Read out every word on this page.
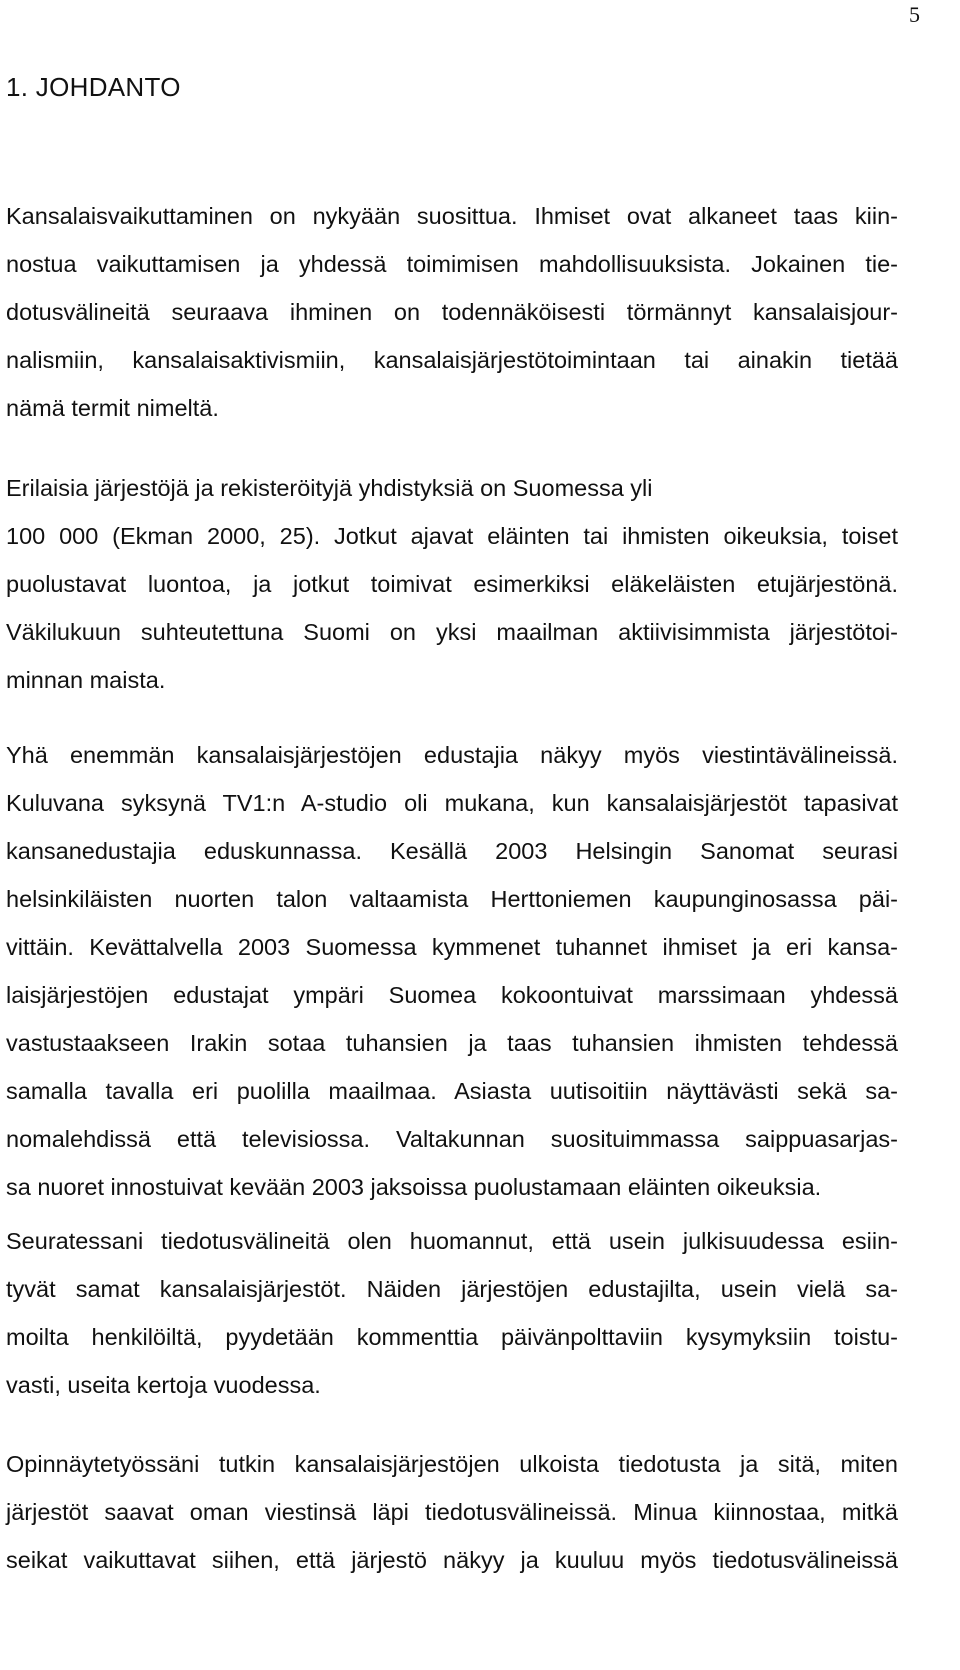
5
1. JOHDANTO
Kansalaisvaikuttaminen on nykyään suosittua. Ihmiset ovat alkaneet taas kiin-
nostua vaikuttamisen ja yhdessä toimimisen mahdollisuuksista. Jokainen tie-
dotusvälineitä seuraava ihminen on todennäköisesti törmännyt kansalaisjour-
nalismiin, kansalaisaktivismiin, kansalaisjärjestötoimintaan tai ainakin tietää
nämä termit nimeltä.
Erilaisia järjestöjä ja rekisteröityjä yhdistyksiä on Suomessa yli
100 000 (Ekman 2000, 25). Jotkut ajavat eläinten tai ihmisten oikeuksia, toiset
puolustavat luontoa, ja jotkut toimivat esimerkiksi eläkeläisten etujärjestönä.
Väkilukuun suhteutettuna Suomi on yksi maailman aktiivisimmista järjestötoi-
minnan maista.
Yhä enemmän kansalaisjärjestöjen edustajia näkyy myös viestintävälineissä.
Kuluvana syksynä TV1:n A-studio oli mukana, kun kansalaisjärjestöt tapasivat
kansanedustajia eduskunnassa. Kesällä 2003 Helsingin Sanomat seurasi
helsinkiläisten nuorten talon valtaamista Herttoniemen kaupunginosassa päi-
vittäin. Kevättalvella 2003 Suomessa kymmenet tuhannet ihmiset ja eri kansa-
laisjärjestöjen edustajat ympäri Suomea kokoontuivat marssimaan yhdessä
vastustaakseen Irakin sotaa tuhansien ja taas tuhansien ihmisten tehdessä
samalla tavalla eri puolilla maailmaa. Asiasta uutisoitiin näyttävästi sekä sa-
nomalehdissä että televisiossa. Valtakunnan suosituimmassa saippuasarjas-
sa nuoret innostuivat kevään 2003 jaksoissa puolustamaan eläinten oikeuksia.
Seuratessani tiedotusvälineitä olen huomannut, että usein julkisuudessa esiin-
tyvät samat kansalaisjärjestöt. Näiden järjestöjen edustajilta, usein vielä sa-
moilta henkilöiltä, pyydetään kommenttia päivänpolttaviin kysymyksiin toistu-
vasti, useita kertoja vuodessa.
Opinnäytetyössäni tutkin kansalaisjärjestöjen ulkoista tiedotusta ja sitä, miten
järjestöt saavat oman viestinsä läpi tiedotusvälineissä. Minua kiinnostaa, mitkä
seikat vaikuttavat siihen, että järjestö näkyy ja kuuluu myös tiedotusvälineissä
